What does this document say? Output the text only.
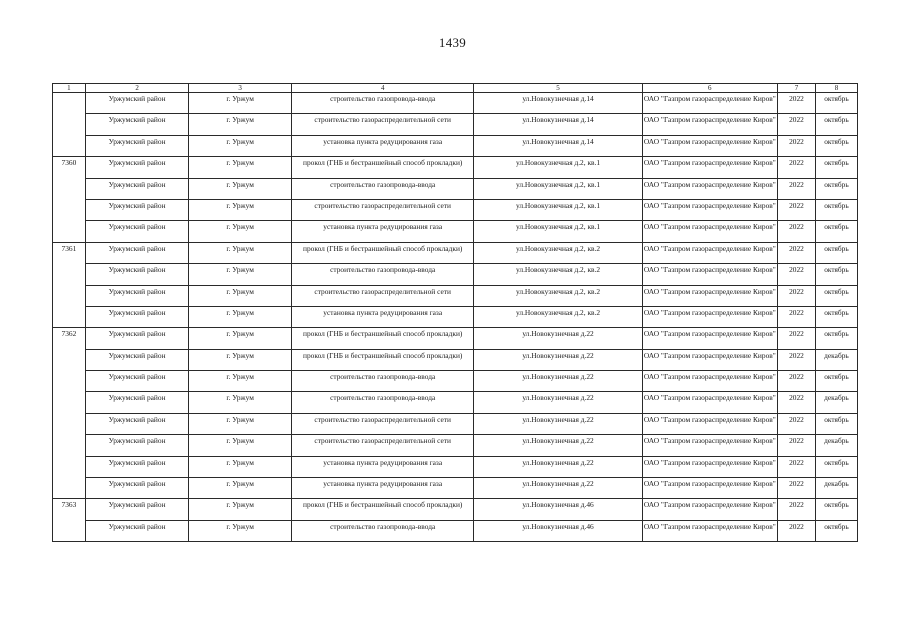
1439
1	2	3	4	5	6	7	8
	Уржумский район	г. Уржум	строительство газопровода-ввода	ул.Новокузнечная д.14	ОАО "Газпром газораспределение Киров"	2022	октябрь
	Уржумский район	г. Уржум	строительство газораспределительной сети	ул.Новокузнечная д.14	ОАО "Газпром газораспределение Киров"	2022	октябрь
	Уржумский район	г. Уржум	установка пункта редуцирования газа	ул.Новокузнечная д.14	ОАО "Газпром газораспределение Киров"	2022	октябрь
7360	Уржумский район	г. Уржум	прокол (ГНБ и бестраншейный способ прокладки)	ул.Новокузнечная д.2, кв.1	ОАО "Газпром газораспределение Киров"	2022	октябрь
	Уржумский район	г. Уржум	строительство газопровода-ввода	ул.Новокузнечная д.2, кв.1	ОАО "Газпром газораспределение Киров"	2022	октябрь
	Уржумский район	г. Уржум	строительство газораспределительной сети	ул.Новокузнечная д.2, кв.1	ОАО "Газпром газораспределение Киров"	2022	октябрь
	Уржумский район	г. Уржум	установка пункта редуцирования газа	ул.Новокузнечная д.2, кв.1	ОАО "Газпром газораспределение Киров"	2022	октябрь
7361	Уржумский район	г. Уржум	прокол (ГНБ и бестраншейный способ прокладки)	ул.Новокузнечная д.2, кв.2	ОАО "Газпром газораспределение Киров"	2022	октябрь
	Уржумский район	г. Уржум	строительство газопровода-ввода	ул.Новокузнечная д.2, кв.2	ОАО "Газпром газораспределение Киров"	2022	октябрь
	Уржумский район	г. Уржум	строительство газораспределительной сети	ул.Новокузнечная д.2, кв.2	ОАО "Газпром газораспределение Киров"	2022	октябрь
	Уржумский район	г. Уржум	установка пункта редуцирования газа	ул.Новокузнечная д.2, кв.2	ОАО "Газпром газораспределение Киров"	2022	октябрь
7362	Уржумский район	г. Уржум	прокол (ГНБ и бестраншейный способ прокладки)	ул.Новокузнечная д.22	ОАО "Газпром газораспределение Киров"	2022	октябрь
	Уржумский район	г. Уржум	прокол (ГНБ и бестраншейный способ прокладки)	ул.Новокузнечная д.22	ОАО "Газпром газораспределение Киров"	2022	декабрь
	Уржумский район	г. Уржум	строительство газопровода-ввода	ул.Новокузнечная д.22	ОАО "Газпром газораспределение Киров"	2022	октябрь
	Уржумский район	г. Уржум	строительство газопровода-ввода	ул.Новокузнечная д.22	ОАО "Газпром газораспределение Киров"	2022	декабрь
	Уржумский район	г. Уржум	строительство газораспределительной сети	ул.Новокузнечная д.22	ОАО "Газпром газораспределение Киров"	2022	октябрь
	Уржумский район	г. Уржум	строительство газораспределительной сети	ул.Новокузнечная д.22	ОАО "Газпром газораспределение Киров"	2022	декабрь
	Уржумский район	г. Уржум	установка пункта редуцирования газа	ул.Новокузнечная д.22	ОАО "Газпром газораспределение Киров"	2022	октябрь
	Уржумский район	г. Уржум	установка пункта редуцирования газа	ул.Новокузнечная д.22	ОАО "Газпром газораспределение Киров"	2022	декабрь
7363	Уржумский район	г. Уржум	прокол (ГНБ и бестраншейный способ прокладки)	ул.Новокузнечная д.46	ОАО "Газпром газораспределение Киров"	2022	октябрь
	Уржумский район	г. Уржум	строительство газопровода-ввода	ул.Новокузнечная д.46	ОАО "Газпром газораспределение Киров"	2022	октябрь
